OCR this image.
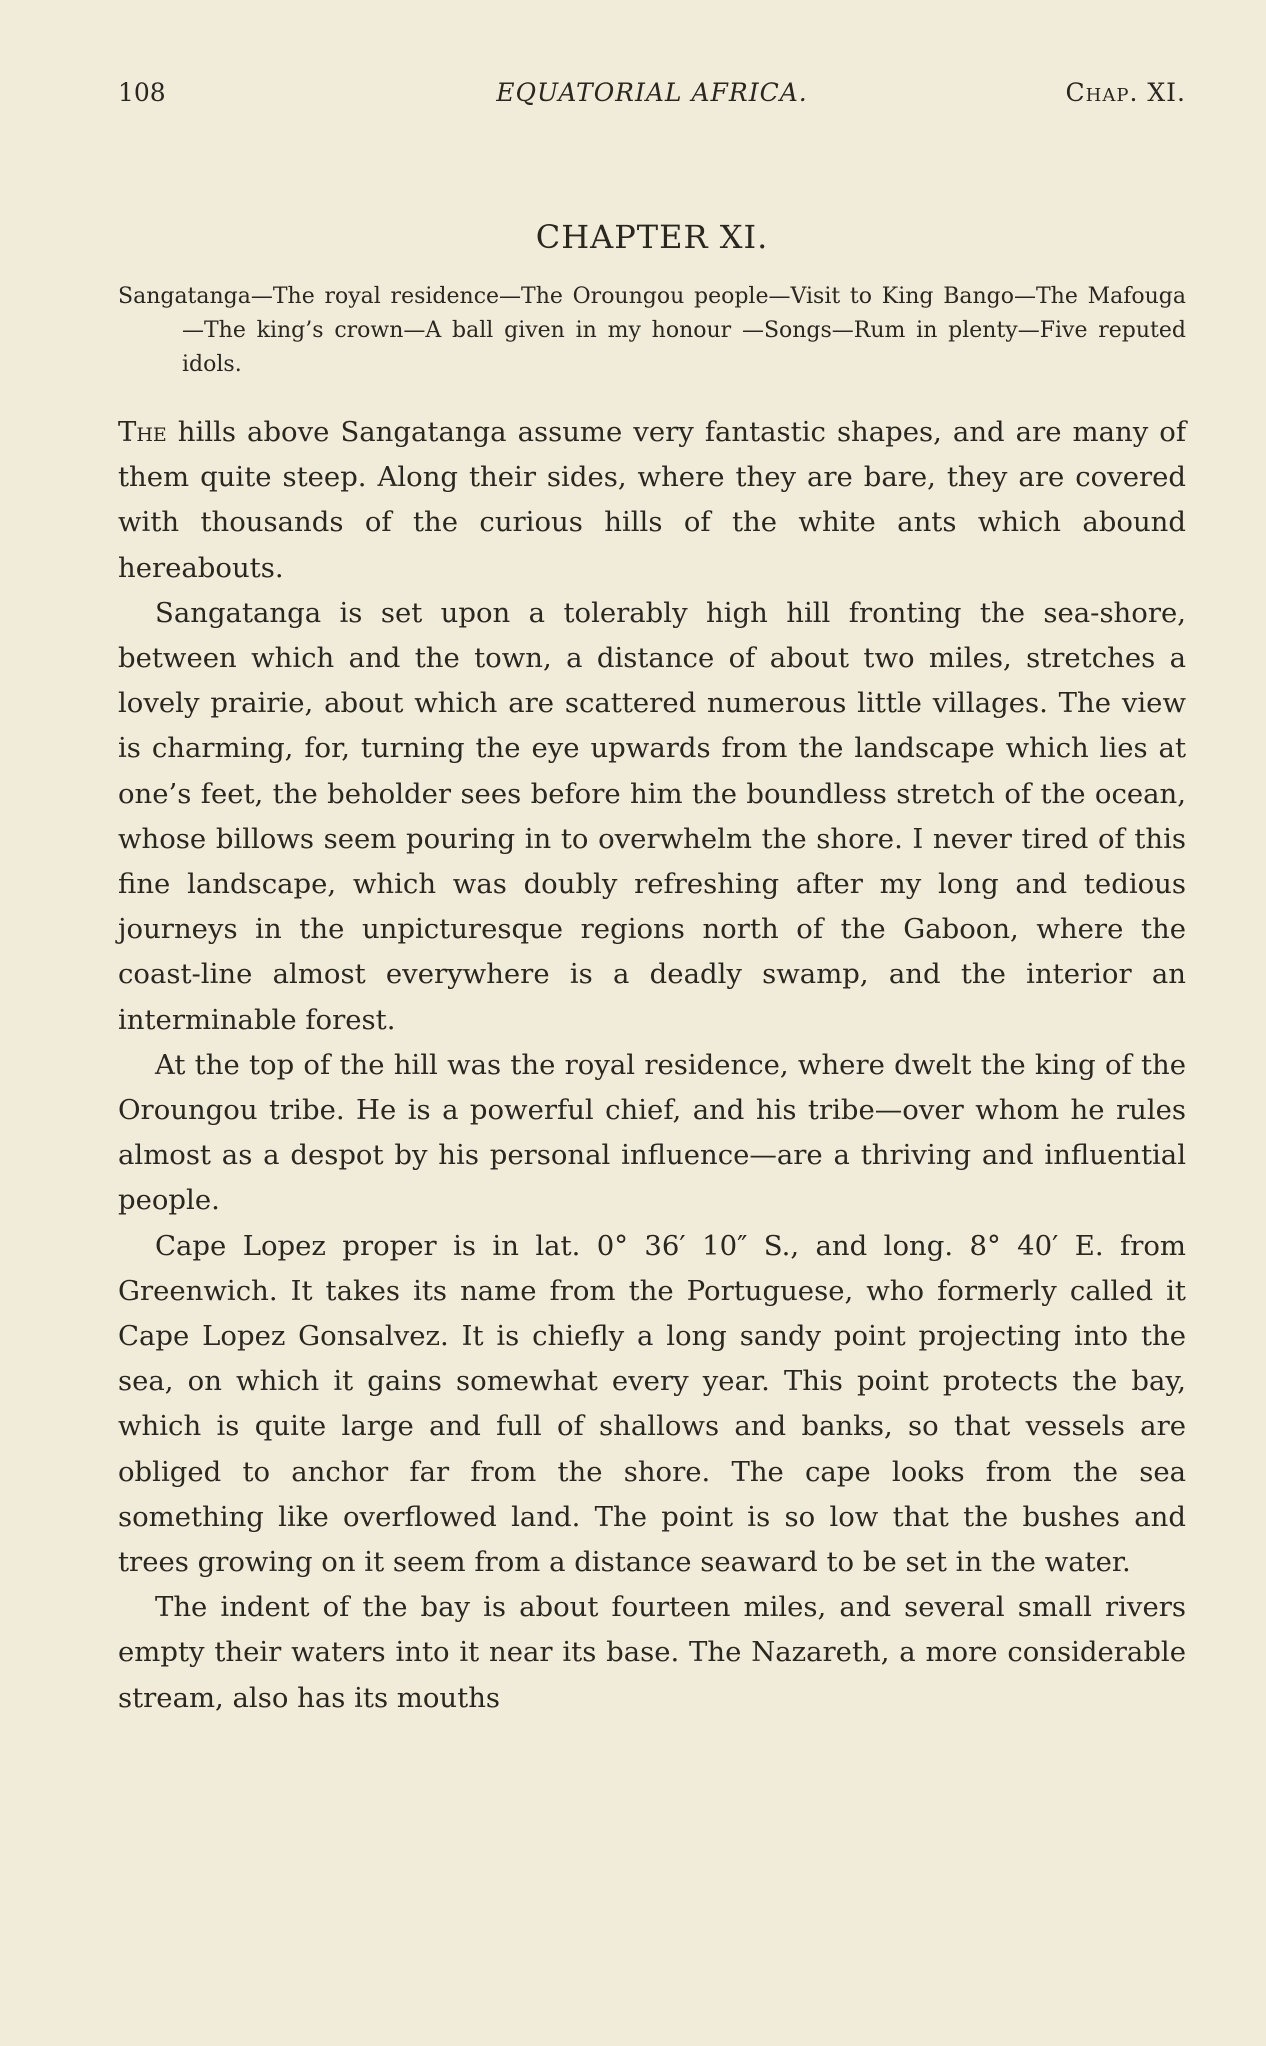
108	EQUATORIAL AFRICA.	Chap. XI.
CHAPTER XI.
Sangatanga—The royal residence—The Oroungou people—Visit to King Bango—The Mafouga—The king’s crown—A ball given in my honour —Songs—Rum in plenty—Five reputed idols.

The hills above Sangatanga assume very fantastic shapes, and are many of them quite steep. Along their sides, where they are bare, they are covered with thousands of the curious hills of the white ants which abound hereabouts.

Sangatanga is set upon a tolerably high hill fronting the sea-shore, between which and the town, a distance of about two miles, stretches a lovely prairie, about which are scattered numerous little villages. The view is charming, for, turning the eye upwards from the landscape which lies at one’s feet, the beholder sees before him the boundless stretch of the ocean, whose billows seem pouring in to overwhelm the shore. I never tired of this fine landscape, which was doubly refreshing after my long and tedious journeys in the unpicturesque regions north of the Gaboon, where the coast-line almost everywhere is a deadly swamp, and the interior an interminable forest.

At the top of the hill was the royal residence, where dwelt the king of the Oroungou tribe. He is a powerful chief, and his tribe—over whom he rules almost as a despot by his personal influence—are a thriving and influential people.

Cape Lopez proper is in lat. 0° 36′ 10″ S., and long. 8° 40′ E. from Greenwich. It takes its name from the Portuguese, who formerly called it Cape Lopez Gonsalvez. It is chiefly a long sandy point projecting into the sea, on which it gains somewhat every year. This point protects the bay, which is quite large and full of shallows and banks, so that vessels are obliged to anchor far from the shore. The cape looks from the sea something like overflowed land. The point is so low that the bushes and trees growing on it seem from a distance seaward to be set in the water.

The indent of the bay is about fourteen miles, and several small rivers empty their waters into it near its base. The Nazareth, a more considerable stream, also has its mouths
